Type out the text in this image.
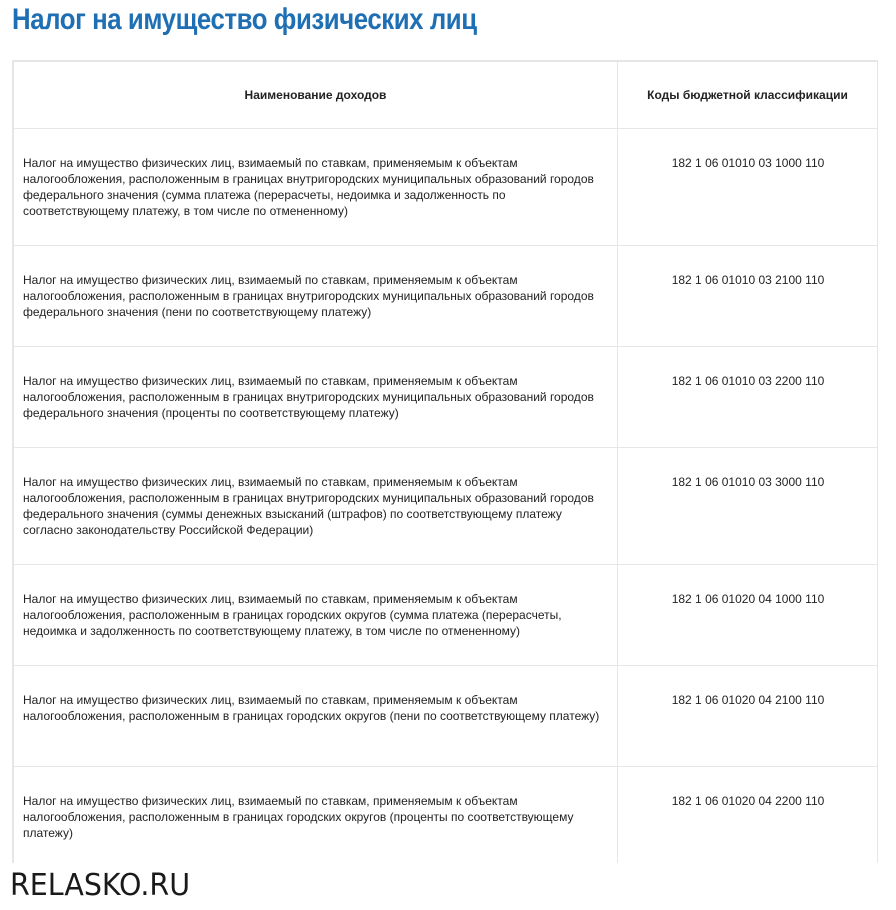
Налог на имущество физических лиц
Наименование доходов	Коды бюджетной классификации
Налог на имущество физических лиц, взимаемый по ставкам, применяемым к объектам налогообложения, расположенным в границах внутригородских муниципальных образований городов федерального значения (сумма платежа (перерасчеты, недоимка и задолженность по соответствующему платежу, в том числе по отмененному)	182 1 06 01010 03 1000 110
Налог на имущество физических лиц, взимаемый по ставкам, применяемым к объектам налогообложения, расположенным в границах внутригородских муниципальных образований городов федерального значения (пени по соответствующему платежу)	182 1 06 01010 03 2100 110
Налог на имущество физических лиц, взимаемый по ставкам, применяемым к объектам налогообложения, расположенным в границах внутригородских муниципальных образований городов федерального значения (проценты по соответствующему платежу)	182 1 06 01010 03 2200 110
Налог на имущество физических лиц, взимаемый по ставкам, применяемым к объектам налогообложения, расположенным в границах внутригородских муниципальных образований городов федерального значения (суммы денежных взысканий (штрафов) по соответствующему платежу согласно законодательству Российской Федерации)	182 1 06 01010 03 3000 110
Налог на имущество физических лиц, взимаемый по ставкам, применяемым к объектам налогообложения, расположенным в границах городских округов (сумма платежа (перерасчеты, недоимка и задолженность по соответствующему платежу, в том числе по отмененному)	182 1 06 01020 04 1000 110
Налог на имущество физических лиц, взимаемый по ставкам, применяемым к объектам налогообложения, расположенным в границах городских округов (пени по соответствующему платежу)	182 1 06 01020 04 2100 110
Налог на имущество физических лиц, взимаемый по ставкам, применяемым к объектам налогообложения, расположенным в границах городских округов (проценты по соответствующему платежу)	182 1 06 01020 04 2200 110
RELASKO.RU
